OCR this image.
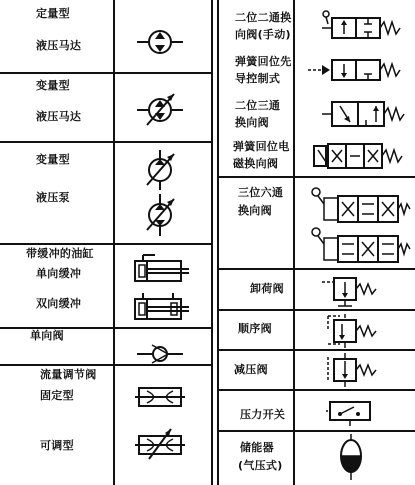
定量型
液压马达
变量型
液压马达
变量型
液压泵
带缓冲的油缸
单向缓冲
双向缓冲
单向阀
流量调节阀
固定型
可调型
二位二通换
向阀(手动)
弹簧回位先
导控制式
二位三通
换向阀
弹簧回位电
磁换向阀
三位六通
换向阀
卸荷阀
顺序阀
减压阀
压力开关
储能器
(气压式)
